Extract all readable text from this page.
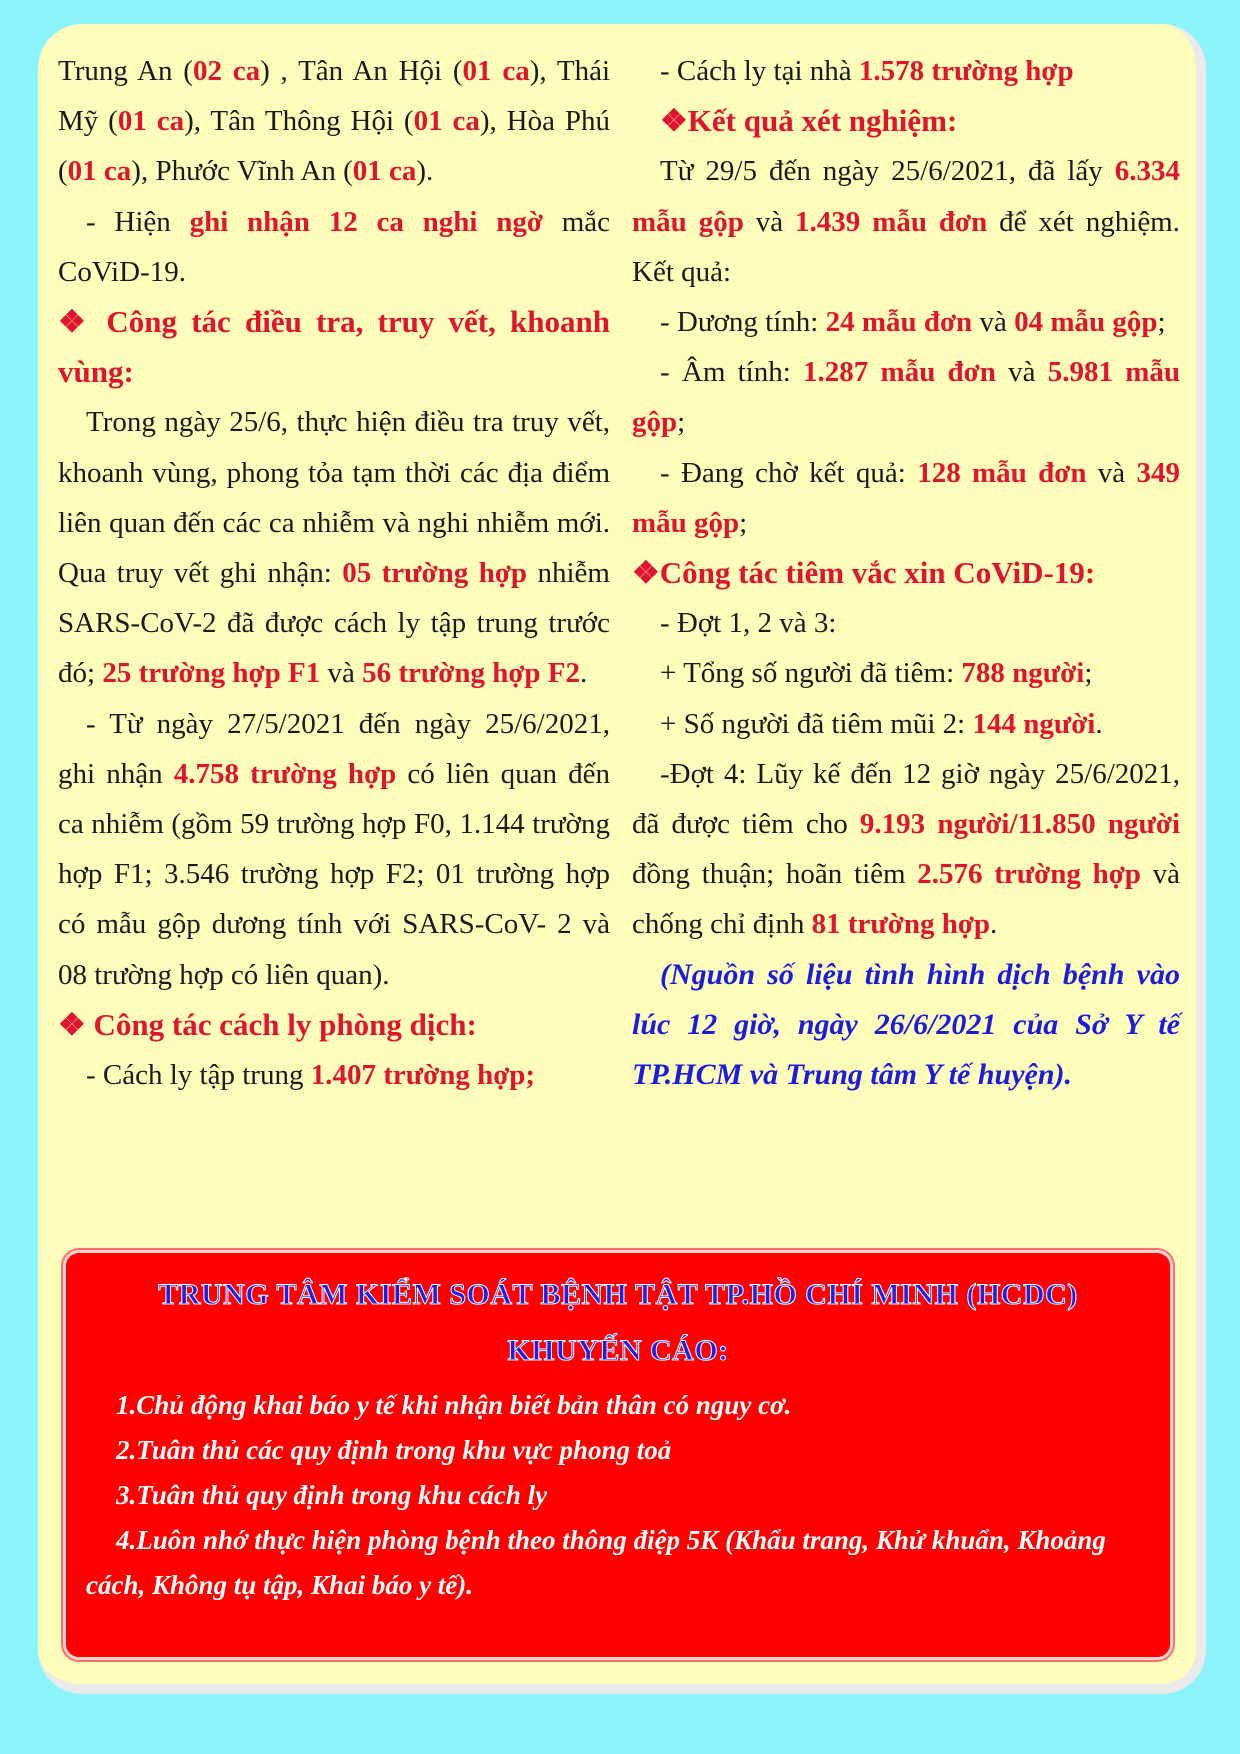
Trung An (02 ca) , Tân An Hội (01 ca), Thái Mỹ (01 ca), Tân Thông Hội (01 ca), Hòa Phú (01 ca), Phước Vĩnh An (01 ca).

- Hiện ghi nhận 12 ca nghi ngờ mắc CoViD-19.

❖ Công tác điều tra, truy vết, khoanh vùng:

Trong ngày 25/6, thực hiện điều tra truy vết, khoanh vùng, phong tỏa tạm thời các địa điểm liên quan đến các ca nhiễm và nghi nhiễm mới. Qua truy vết ghi nhận: 05 trường hợp nhiễm SARS-CoV-2 đã được cách ly tập trung trước đó; 25 trường hợp F1 và 56 trường hợp F2.

- Từ ngày 27/5/2021 đến ngày 25/6/2021, ghi nhận 4.758 trường hợp có liên quan đến ca nhiễm (gồm 59 trường hợp F0, 1.144 trường hợp F1; 3.546 trường hợp F2; 01 trường hợp có mẫu gộp dương tính với SARS-CoV- 2 và 08 trường hợp có liên quan).

❖ Công tác cách ly phòng dịch:

- Cách ly tập trung 1.407 trường hợp;

- Cách ly tại nhà 1.578 trường hợp

❖Kết quả xét nghiệm:

Từ 29/5 đến ngày 25/6/2021, đã lấy 6.334 mẫu gộp và 1.439 mẫu đơn để xét nghiệm. Kết quả:

- Dương tính: 24 mẫu đơn và 04 mẫu gộp;

- Âm tính: 1.287 mẫu đơn và 5.981 mẫu gộp;

- Đang chờ kết quả: 128 mẫu đơn và 349 mẫu gộp;

❖Công tác tiêm vắc xin CoViD-19:

- Đợt 1, 2 và 3:

+ Tổng số người đã tiêm: 788 người;

+ Số người đã tiêm mũi 2: 144 người.

-Đợt 4: Lũy kế đến 12 giờ ngày 25/6/2021, đã được tiêm cho 9.193 người/11.850 người đồng thuận; hoãn tiêm 2.576 trường hợp và chống chỉ định 81 trường hợp.

(Nguồn số liệu tình hình dịch bệnh vào lúc 12 giờ, ngày 26/6/2021 của Sở Y tế TP.HCM và Trung tâm Y tế huyện).

TRUNG TÂM KIỂM SOÁT BỆNH TẬT TP.HỒ CHÍ MINH (HCDC)
KHUYẾN CÁO:

1.Chủ động khai báo y tế khi nhận biết bản thân có nguy cơ.

2.Tuân thủ các quy định trong khu vực phong toả

3.Tuân thủ quy định trong khu cách ly

4.Luôn nhớ thực hiện phòng bệnh theo thông điệp 5K (Khẩu trang, Khử khuẩn, Khoảng cách, Không tụ tập, Khai báo y tế).
